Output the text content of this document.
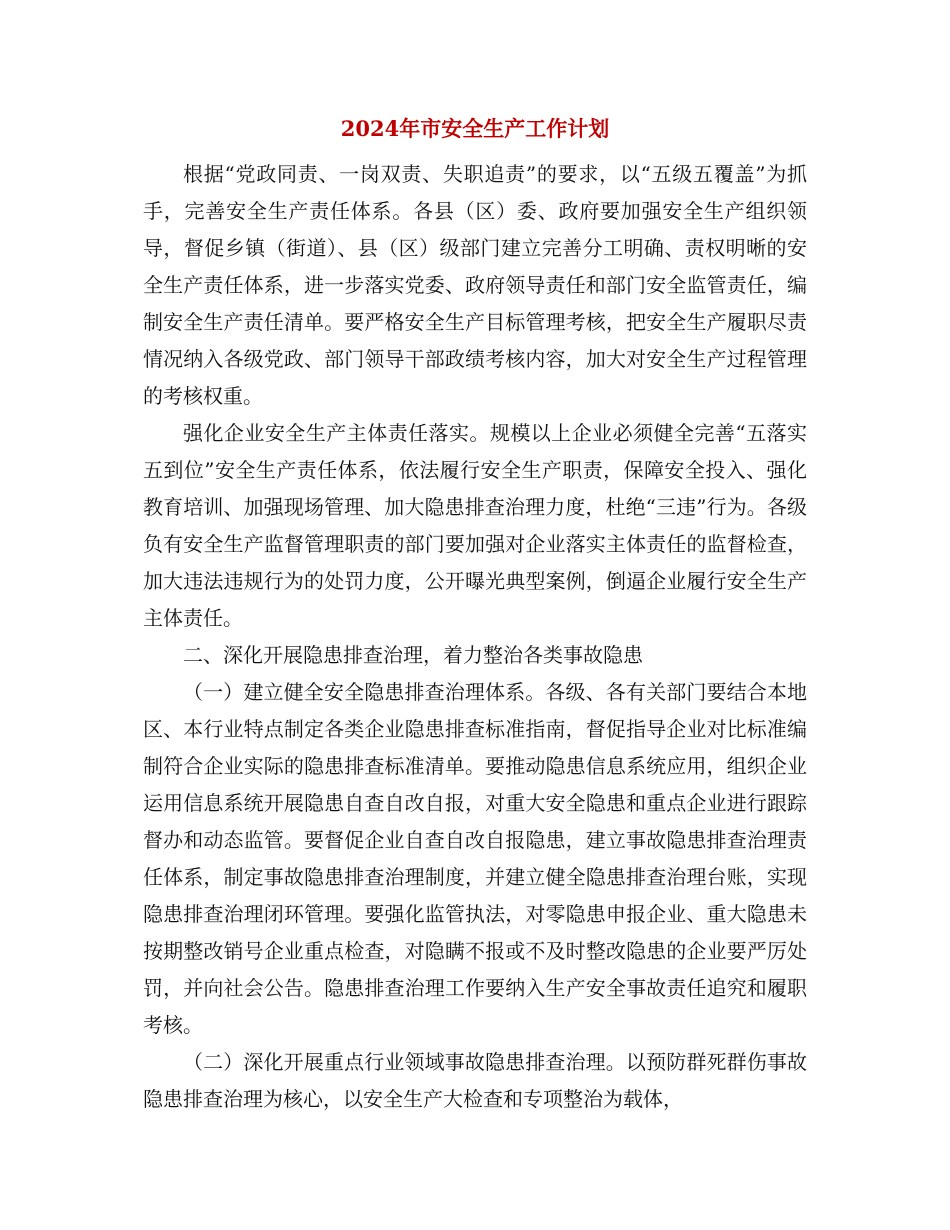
2024年市安全生产工作计划

根据“党政同责、一岗双责、失职追责”的要求，以“五级五覆盖”为抓手，完善安全生产责任体系。各县（区）委、政府要加强安全生产组织领导，督促乡镇（街道）、县（区）级部门建立完善分工明确、责权明晰的安全生产责任体系，进一步落实党委、政府领导责任和部门安全监管责任，编制安全生产责任清单。要严格安全生产目标管理考核，把安全生产履职尽责情况纳入各级党政、部门领导干部政绩考核内容，加大对安全生产过程管理的考核权重。

强化企业安全生产主体责任落实。规模以上企业必须健全完善“五落实五到位”安全生产责任体系，依法履行安全生产职责，保障安全投入、强化教育培训、加强现场管理、加大隐患排查治理力度，杜绝“三违”行为。各级负有安全生产监督管理职责的部门要加强对企业落实主体责任的监督检查，加大违法违规行为的处罚力度，公开曝光典型案例，倒逼企业履行安全生产主体责任。

二、深化开展隐患排查治理，着力整治各类事故隐患

（一）建立健全安全隐患排查治理体系。各级、各有关部门要结合本地区、本行业特点制定各类企业隐患排查标准指南，督促指导企业对比标准编制符合企业实际的隐患排查标准清单。要推动隐患信息系统应用，组织企业运用信息系统开展隐患自查自改自报，对重大安全隐患和重点企业进行跟踪督办和动态监管。要督促企业自查自改自报隐患，建立事故隐患排查治理责任体系，制定事故隐患排查治理制度，并建立健全隐患排查治理台账，实现隐患排查治理闭环管理。要强化监管执法，对零隐患申报企业、重大隐患未按期整改销号企业重点检查，对隐瞒不报或不及时整改隐患的企业要严厉处罚，并向社会公告。隐患排查治理工作要纳入生产安全事故责任追究和履职考核。

（二）深化开展重点行业领域事故隐患排查治理。以预防群死群伤事故隐患排查治理为核心，以安全生产大检查和专项整治为载体，
